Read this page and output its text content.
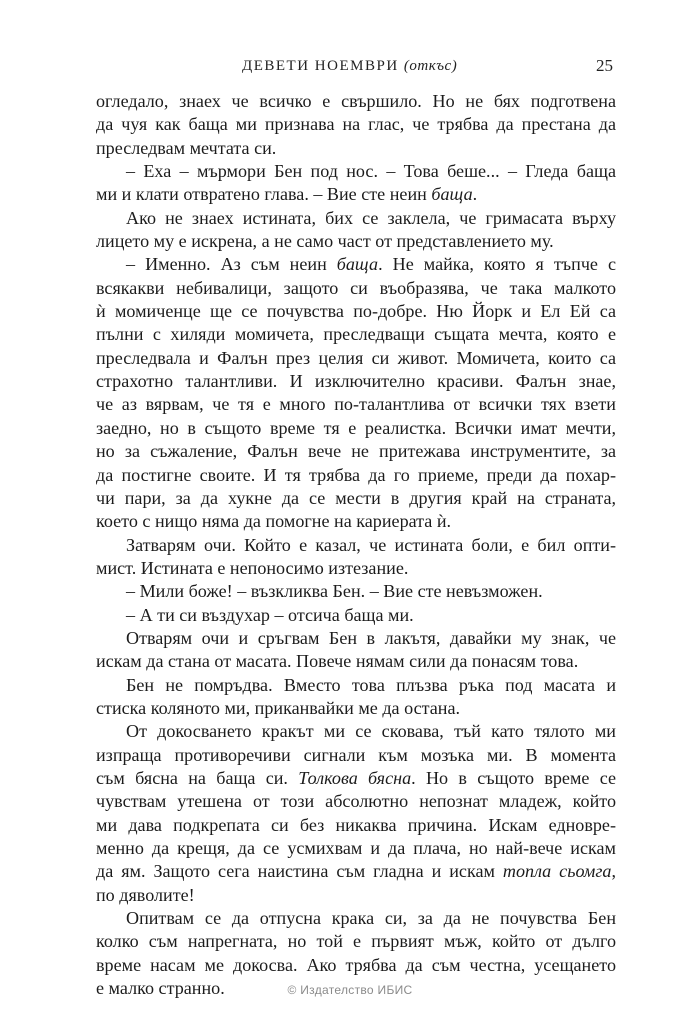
ДЕВЕТИ НОЕМВРИ (откъс)	25
огледало, знаех че всичко е свършило. Но не бях подготвена
да чуя как баща ми признава на глас, че трябва да престана да
преследвам мечтата си.
– Еха – мърмори Бен под нос. – Това беше... – Гледа баща
ми и клати отвратено глава. – Вие сте неин баща.
Ако не знаех истината, бих се заклела, че гримасата върху
лицето му е искрена, а не само част от представлението му.
– Именно. Аз съм неин баща. Не майка, която я тъпче с
всякакви небивалици, защото си въобразява, че така малкото
ѝ момиченце ще се почувства по-добре. Ню Йорк и Ел Ей са
пълни с хиляди момичета, преследващи същата мечта, която е
преследвала и Фалън през целия си живот. Момичета, които са
страхотно талантливи. И изключително красиви. Фалън знае,
че аз вярвам, че тя е много по-талантлива от всички тях взети
заедно, но в същото време тя е реалистка. Всички имат мечти,
но за съжаление, Фалън вече не притежава инструментите, за
да постигне своите. И тя трябва да го приеме, преди да похар-
чи пари, за да хукне да се мести в другия край на страната,
което с нищо няма да помогне на кариерата ѝ.
Затварям очи. Който е казал, че истината боли, е бил опти-
мист. Истината е непоносимо изтезание.
– Мили боже! – възкликва Бен. – Вие сте невъзможен.
– А ти си въздухар – отсича баща ми.
Отварям очи и сръгвам Бен в лакътя, давайки му знак, че
искам да стана от масата. Повече нямам сили да понасям това.
Бен не помръдва. Вместо това плъзва ръка под масата и
стиска коляното ми, приканвайки ме да остана.
От докосването кракът ми се сковава, тъй като тялото ми
изпраща противоречиви сигнали към мозъка ми. В момента
съм бясна на баща си. Толкова бясна. Но в същото време се
чувствам утешена от този абсолютно непознат младеж, който
ми дава подкрепата си без никаква причина. Искам едновре-
менно да крещя, да се усмихвам и да плача, но най-вече искам
да ям. Защото сега наистина съм гладна и искам топла сьомга,
по дяволите!
Опитвам се да отпусна крака си, за да не почувства Бен
колко съм напрегната, но той е първият мъж, който от дълго
време насам ме докосва. Ако трябва да съм честна, усещането
е малко странно.	© Издателство ИБИС
